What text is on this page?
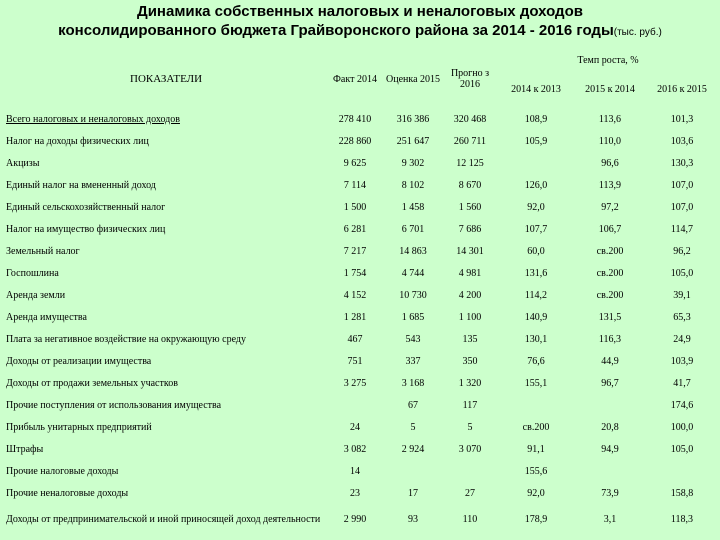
Динамика собственных налоговых и неналоговых доходов
консолидированного бюджета Грайворонского района за 2014 - 2016 годы(тыс. руб.)
ПОКАЗАТЕЛИ	Факт 2014	Оценка 2015	Прогно з 2016	Темп роста, %		
				2014 к 2013	2015 к 2014	2016 к 2015
Всего налоговых и неналоговых доходов	278 410	316 386	320 468	108,9	113,6	101,3
Налог на доходы физических лиц	228 860	251 647	260 711	105,9	110,0	103,6
Акцизы	9 625	9 302	12 125		96,6	130,3
Единый налог на вмененный доход	7 114	8 102	8 670	126,0	113,9	107,0
Единый сельскохозяйственный налог	1 500	1 458	1 560	92,0	97,2	107,0
Налог на имущество физических лиц	6 281	6 701	7 686	107,7	106,7	114,7
Земельный налог	7 217	14 863	14 301	60,0	св.200	96,2
Госпошлина	1 754	4 744	4 981	131,6	св.200	105,0
Аренда земли	4 152	10 730	4 200	114,2	св.200	39,1
Аренда имущества	1 281	1 685	1 100	140,9	131,5	65,3
Плата за негативное воздействие на окружающую среду	467	543	135	130,1	116,3	24,9
Доходы от реализации имущества	751	337	350	76,6	44,9	103,9
Доходы от продажи земельных участков	3 275	3 168	1 320	155,1	96,7	41,7
Прочие поступления от использования имущества		67	117			174,6
Прибыль унитарных предприятий	24	5	5	св.200	20,8	100,0
Штрафы	3 082	2 924	3 070	91,1	94,9	105,0
Прочие налоговые доходы	14			155,6		
Прочие неналоговые доходы	23	17	27	92,0	73,9	158,8
Доходы от предпринимательской и иной приносящей доход деятельности	2 990	93	110	178,9	3,1	118,3
